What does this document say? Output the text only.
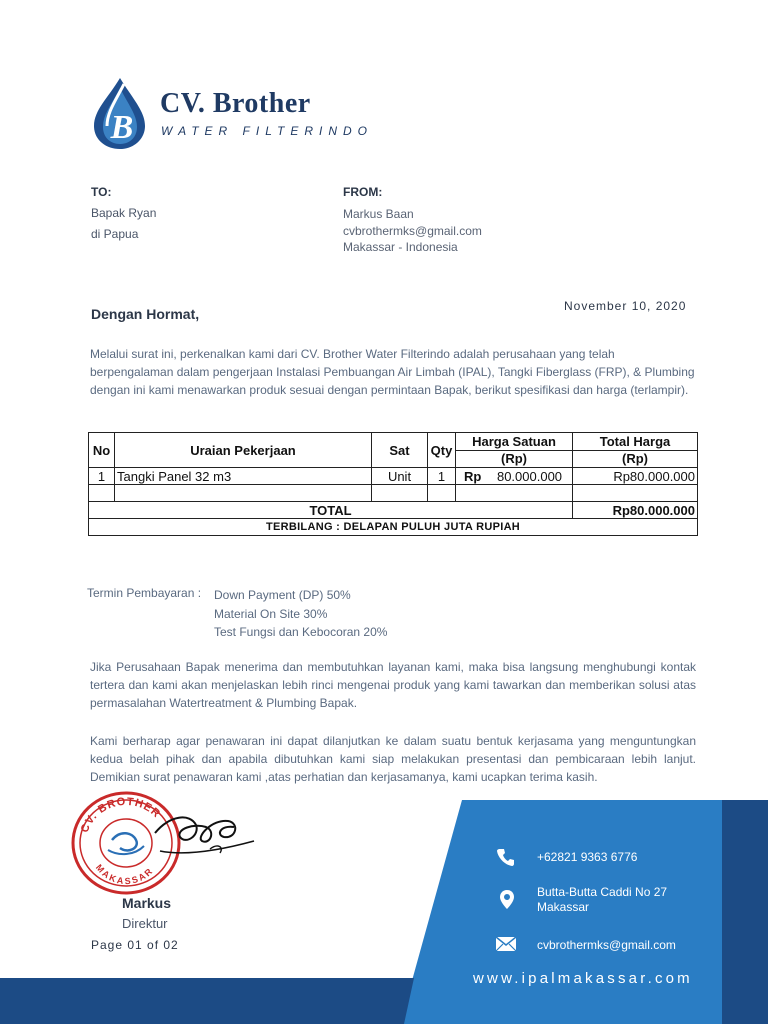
B
CV. Brother
WATER FILTERINDO
TO:
Bapak Ryan
di Papua
FROM:
Markus Baan
cvbrothermks@gmail.com
Makassar - Indonesia
Dengan Hormat,	November 10, 2020
Melalui surat ini, perkenalkan kami dari CV. Brother Water Filterindo adalah perusahaan yang telah berpengalaman dalam pengerjaan Instalasi Pembuangan Air Limbah (IPAL), Tangki Fiberglass (FRP), & Plumbing dengan ini kami menawarkan produk sesuai dengan permintaan Bapak, berikut spesifikasi dan harga (terlampir).
No	Uraian Pekerjaan	Sat	Qty	Harga Satuan	Total Harga
				(Rp)	(Rp)
1	Tangki Panel 32 m3	Unit	1	Rp 80.000.000	Rp80.000.000

TOTAL					Rp80.000.000
TERBILANG : DELAPAN PULUH JUTA RUPIAH					
Termin Pembayaran : Down Payment (DP) 50%
Material On Site 30%
Test Fungsi dan Kebocoran 20%
Jika Perusahaan Bapak menerima dan membutuhkan layanan kami, maka bisa langsung menghubungi kontak tertera dan kami akan menjelaskan lebih rinci mengenai produk yang kami tawarkan dan memberikan solusi atas permasalahan Watertreatment & Plumbing Bapak.
Kami berharap agar penawaran ini dapat dilanjutkan ke dalam suatu bentuk kerjasama yang menguntungkan kedua belah pihak dan apabila dibutuhkan kami siap melakukan presentasi dan pembicaraan lebih lanjut. Demikian surat penawaran kami ,atas perhatian dan kerjasamanya, kami ucapkan terima kasih.
CV. BROTHER
MAKASSAR
Markus
Direktur
Page 01 of 02
+62821 9363 6776
Butta-Butta Caddi No 27
Makassar
cvbrothermks@gmail.com
www.ipalmakassar.com
